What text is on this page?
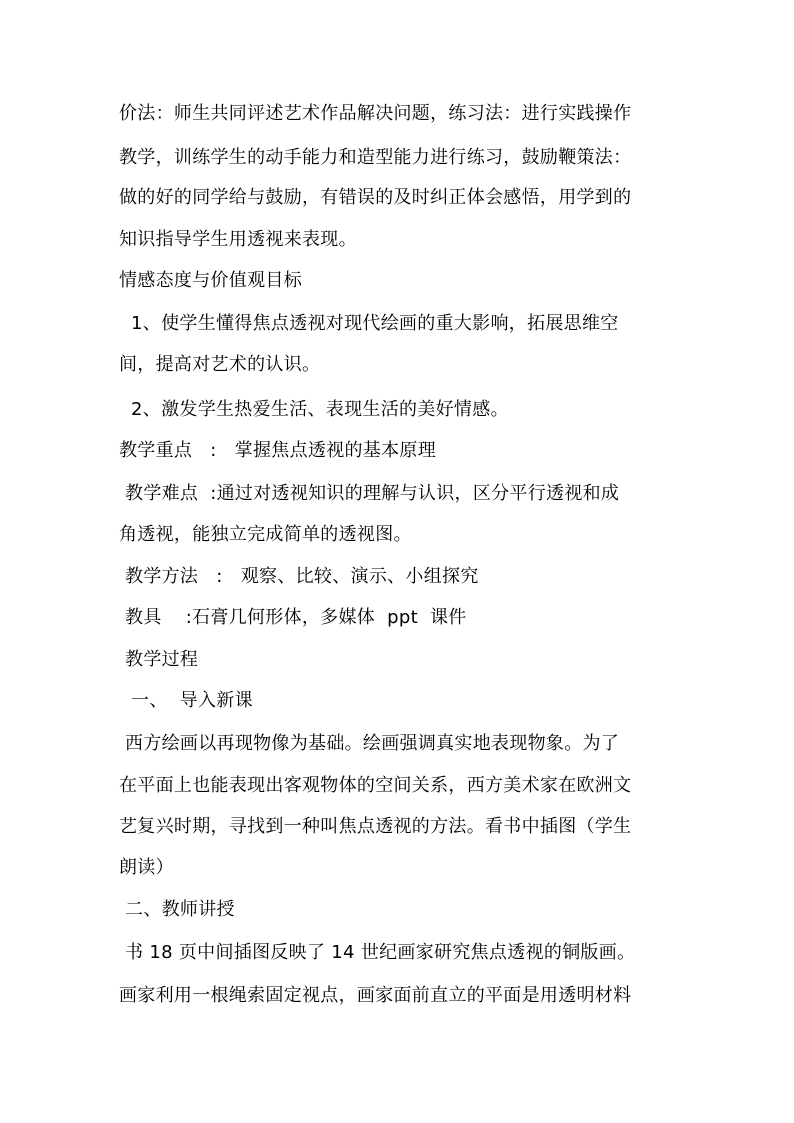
价法：师生共同评述艺术作品解决问题，练习法：进行实践操作
教学，训练学生的动手能力和造型能力进行练习，鼓励鞭策法：
做的好的同学给与鼓励，有错误的及时纠正体会感悟，用学到的
知识指导学生用透视来表现。
情感态度与价值观目标
1、使学生懂得焦点透视对现代绘画的重大影响，拓展思维空
间，提高对艺术的认识。
2、激发学生热爱生活、表现生活的美好情感。
教学重点   :   掌握焦点透视的基本原理
教学难点  :通过对透视知识的理解与认识，区分平行透视和成
角透视，能独立完成简单的透视图。
教学方法   :   观察、比较、演示、小组探究
教具    :石膏几何形体，多媒体  ppt  课件
教学过程
一、  导入新课
西方绘画以再现物像为基础。绘画强调真实地表现物象。为了
在平面上也能表现出客观物体的空间关系，西方美术家在欧洲文
艺复兴时期，寻找到一种叫焦点透视的方法。看书中插图（学生
朗读）
二、教师讲授
书 18 页中间插图反映了 14 世纪画家研究焦点透视的铜版画。
画家利用一根绳索固定视点，画家面前直立的平面是用透明材料
